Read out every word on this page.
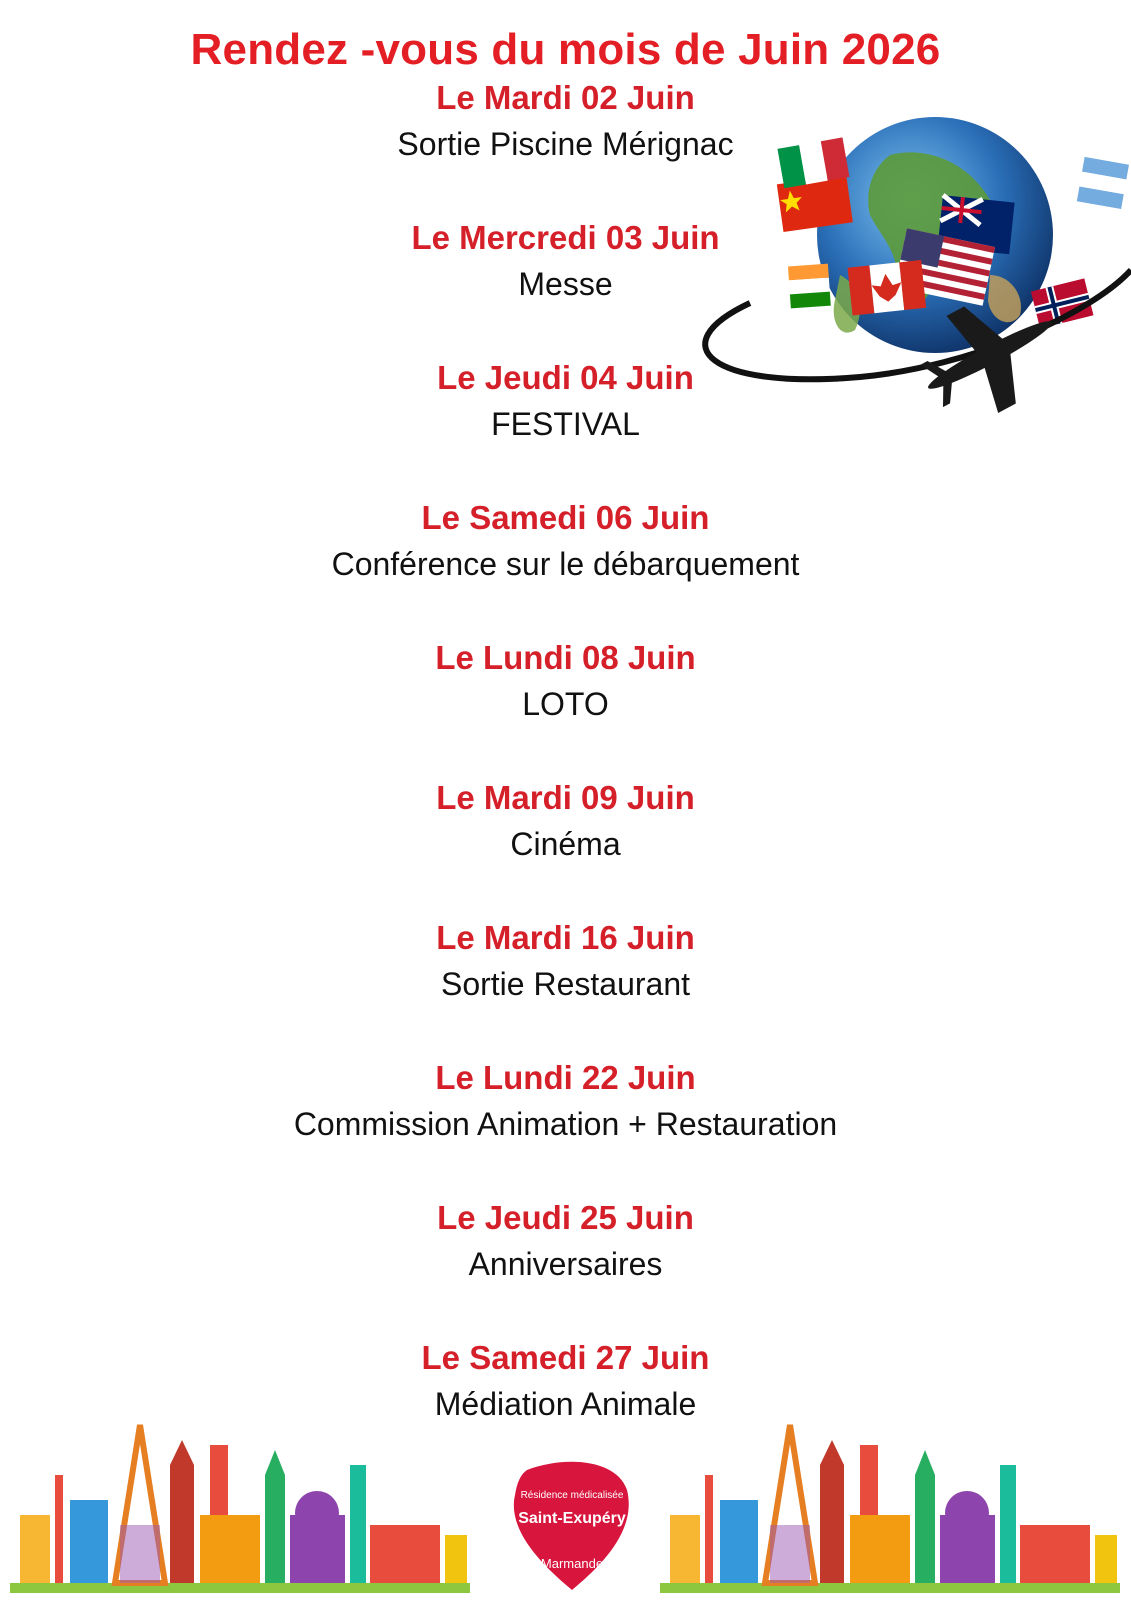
Rendez -vous du mois de Juin 2026
Le Mardi 02 Juin
Sortie Piscine Mérignac
Le Mercredi 03 Juin
Messe
Le Jeudi 04 Juin
FESTIVAL
Le Samedi 06 Juin
Conférence sur le débarquement
Le Lundi 08 Juin
LOTO
Le Mardi 09 Juin
Cinéma
Le Mardi 16 Juin
Sortie Restaurant
Le Lundi 22 Juin
Commission Animation + Restauration
Le Jeudi 25 Juin
Anniversaires
Le Samedi 27 Juin
Médiation Animale
Résidence médicalisée
Saint-Exupéry
Marmande
